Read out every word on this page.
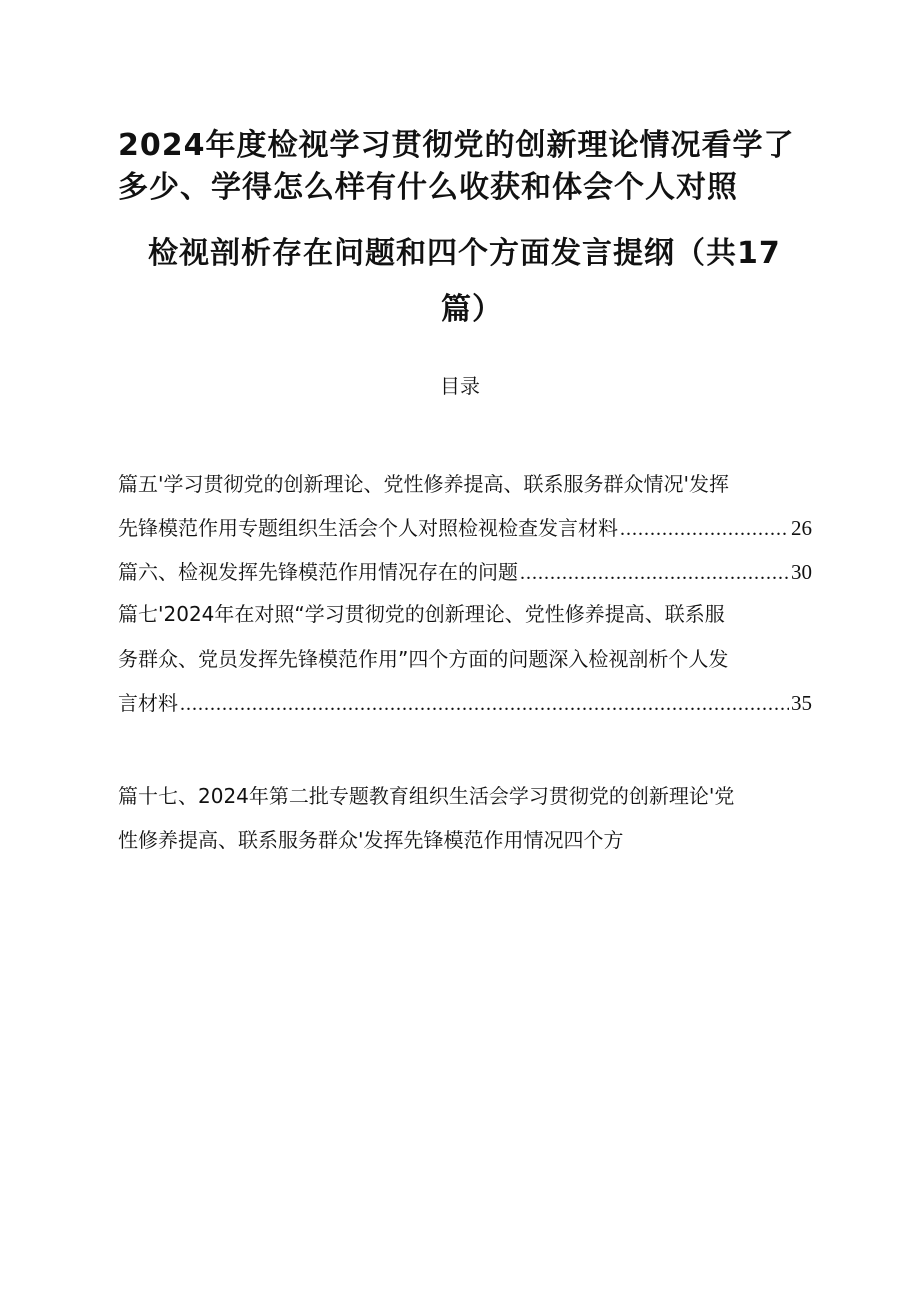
2024年度检视学习贯彻党的创新理论情况看学了
多少、学得怎么样有什么收获和体会个人对照
检视剖析存在问题和四个方面发言提纲（共17
篇）
目录
篇五'学习贯彻党的创新理论、党性修养提高、联系服务群众情况'发挥
先锋模范作用专题组织生活会个人对照检视检查发言材料 .....	26
篇六、检视发挥先锋模范作用情况存在的问题 .....	30
篇七'2024年在对照“学习贯彻党的创新理论、党性修养提高、联系服
务群众、党员发挥先锋模范作用”四个方面的问题深入检视剖析个人发
言材料 .....	35
篇十七、2024年第二批专题教育组织生活会学习贯彻党的创新理论'党
性修养提高、联系服务群众'发挥先锋模范作用情况四个方
